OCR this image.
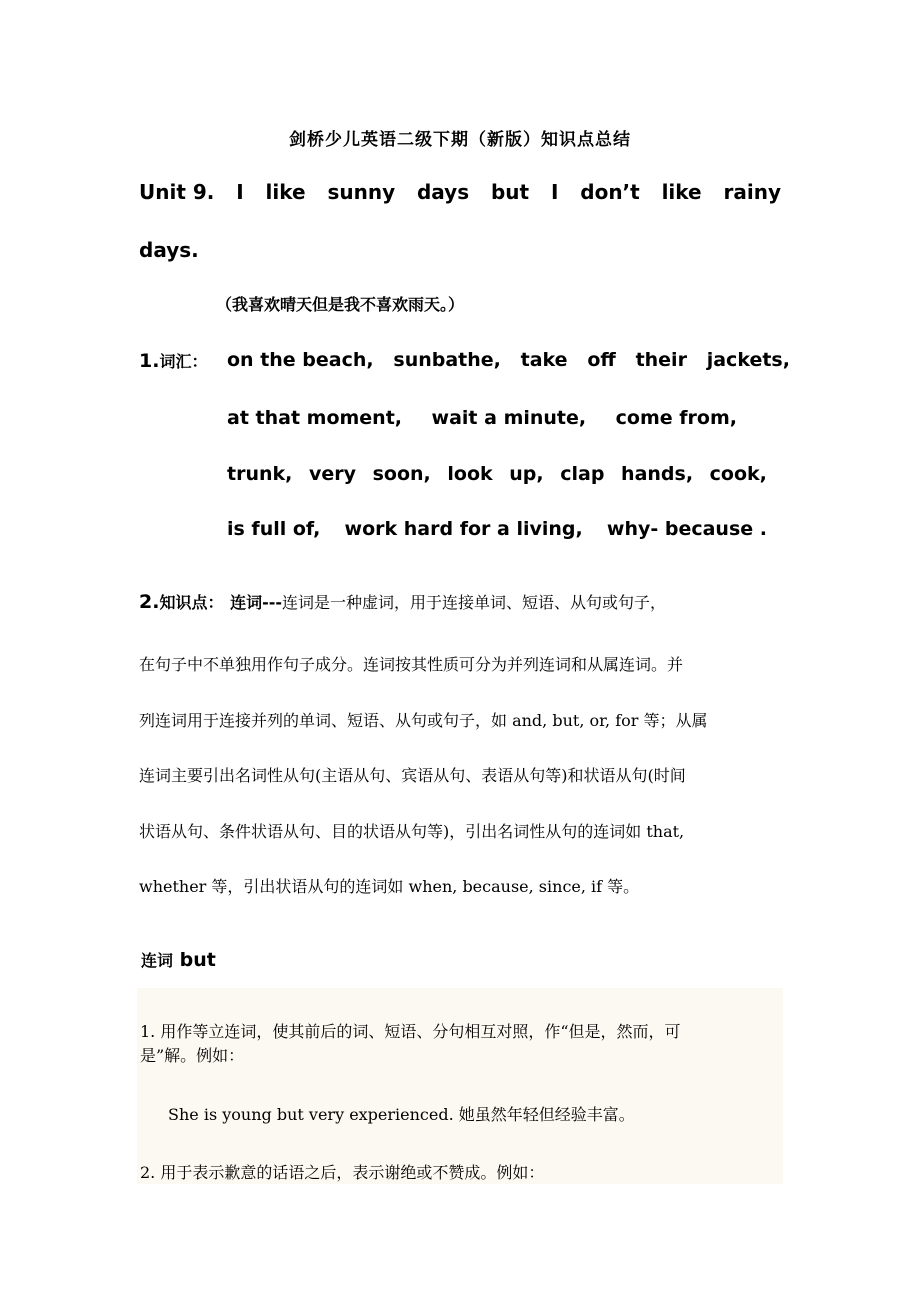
剑桥少儿英语二级下期（新版）知识点总结
Unit 9. I like sunny days but I don’t like rainy
days.
（我喜欢晴天但是我不喜欢雨天。）
1.词汇： on the beach, sunbathe, take off their jackets,
at that moment, wait a minute, come from,
trunk, very soon, look up, clap hands, cook,
is full of, work hard for a living, why- because .
2.知识点： 连词---连词是一种虚词，用于连接单词、短语、从句或句子，
在句子中不单独用作句子成分。连词按其性质可分为并列连词和从属连词。并
列连词用于连接并列的单词、短语、从句或句子，如 and, but, or, for 等；从属
连词主要引出名词性从句(主语从句、宾语从句、表语从句等)和状语从句(时间
状语从句、条件状语从句、目的状语从句等)，引出名词性从句的连词如 that,
whether 等，引出状语从句的连词如 when, because, since, if 等。
连词 but
1. 用作等立连词，使其前后的词、短语、分句相互对照，作“但是，然而，可
是”解。例如：
She is young but very experienced. 她虽然年轻但经验丰富。
2. 用于表示歉意的话语之后，表示谢绝或不赞成。例如：
